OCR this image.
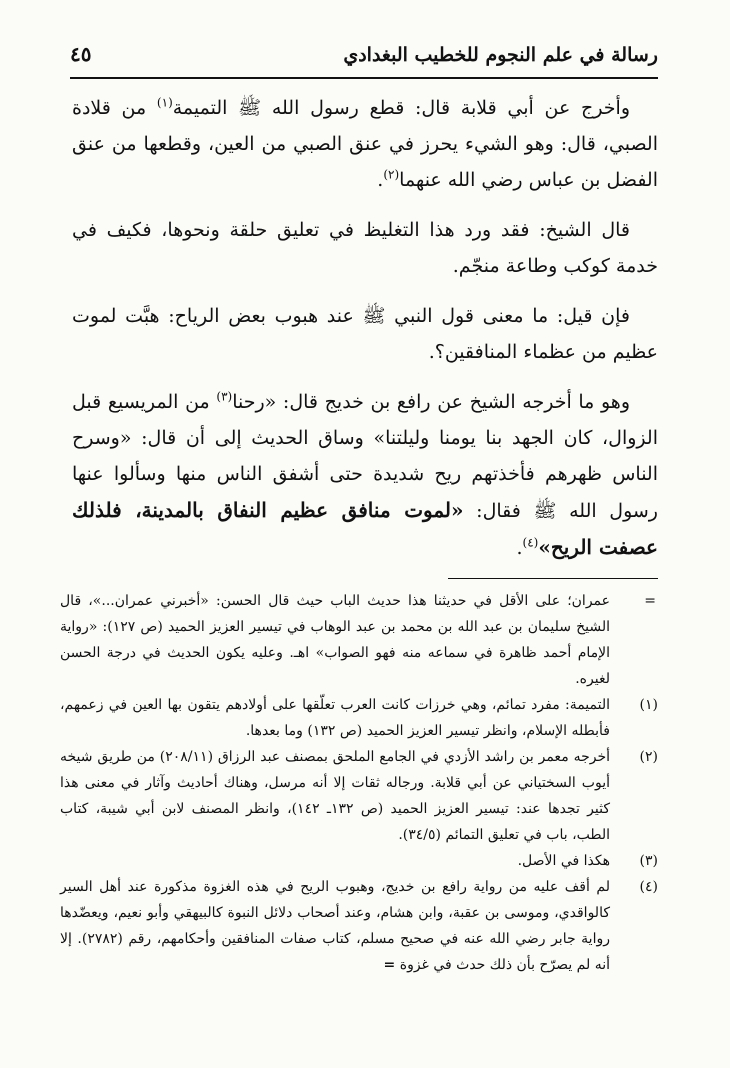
رسالة في علم النجوم للخطيب البغدادي
٤٥

وأخرج عن أبي قلابة قال: قطع رسول الله ﷺ التميمة$^{(١)}$ من قلادة الصبي، قال: وهو الشيء يحرز في عنق الصبي من العين، وقطعها من عنق الفضل بن عباس رضي الله عنهما$^{(٢)}$.

قال الشيخ: فقد ورد هذا التغليظ في تعليق حلقة ونحوها، فكيف في خدمة كوكب وطاعة منجّم.

فإن قيل: ما معنى قول النبي ﷺ عند هبوب بعض الرياح: هبَّت لموت عظيم من عظماء المنافقين؟.

وهو ما أخرجه الشيخ عن رافع بن خديج قال: «رحنا$^{(٣)}$ من المريسيع قبل الزوال، كان الجهد بنا يومنا وليلتنا» وساق الحديث إلى أن قال: «وسرح الناس ظهرهم فأخذتهم ريح شديدة حتى أشفق الناس منها وسألوا عنها رسول الله ﷺ فقال: «لموت منافق عظيم النفاق بالمدينة، فلذلك عصفت الريح»$^{(٤)}$.

=
عمران؛ على الأقل في حديثنا هذا حديث الباب حيث قال الحسن: «أخبرني عمران...»، قال الشيخ سليمان بن عبد الله بن محمد بن عبد الوهاب في تيسير العزيز الحميد (ص ١٢٧): «رواية الإمام أحمد ظاهرة في سماعه منه فهو الصواب» اهـ. وعليه يكون الحديث في درجة الحسن لغيره.
(١)
التميمة: مفرد تمائم، وهي خرزات كانت العرب تعلّقها على أولادهم يتقون بها العين في زعمهم، فأبطله الإسلام، وانظر تيسير العزيز الحميد (ص ١٣٢) وما بعدها.
(٢)
أخرجه معمر بن راشد الأزدي في الجامع الملحق بمصنف عبد الرزاق (٢٠٨/١١) من طريق شيخه أيوب السختياني عن أبي قلابة. ورجاله ثقات إلا أنه مرسل، وهناك أحاديث وآثار في معنى هذا كثير تجدها عند: تيسير العزيز الحميد (ص ١٣٢ـ ١٤٢)، وانظر المصنف لابن أبي شيبة، كتاب الطب، باب في تعليق التمائم (٣٤/٥).
(٣)
هكذا في الأصل.
(٤)
لم أقف عليه من رواية رافع بن خديج، وهبوب الريح في هذه الغزوة مذكورة عند أهل السير كالواقدي، وموسى بن عقبة، وابن هشام، وعند أصحاب دلائل النبوة كالبيهقي وأبو نعيم، ويعضّدها رواية جابر رضي الله عنه في صحيح مسلم، كتاب صفات المنافقين وأحكامهم، رقم (٢٧٨٢). إلا أنه لم يصرّح بأن ذلك حدث في غزوة =
